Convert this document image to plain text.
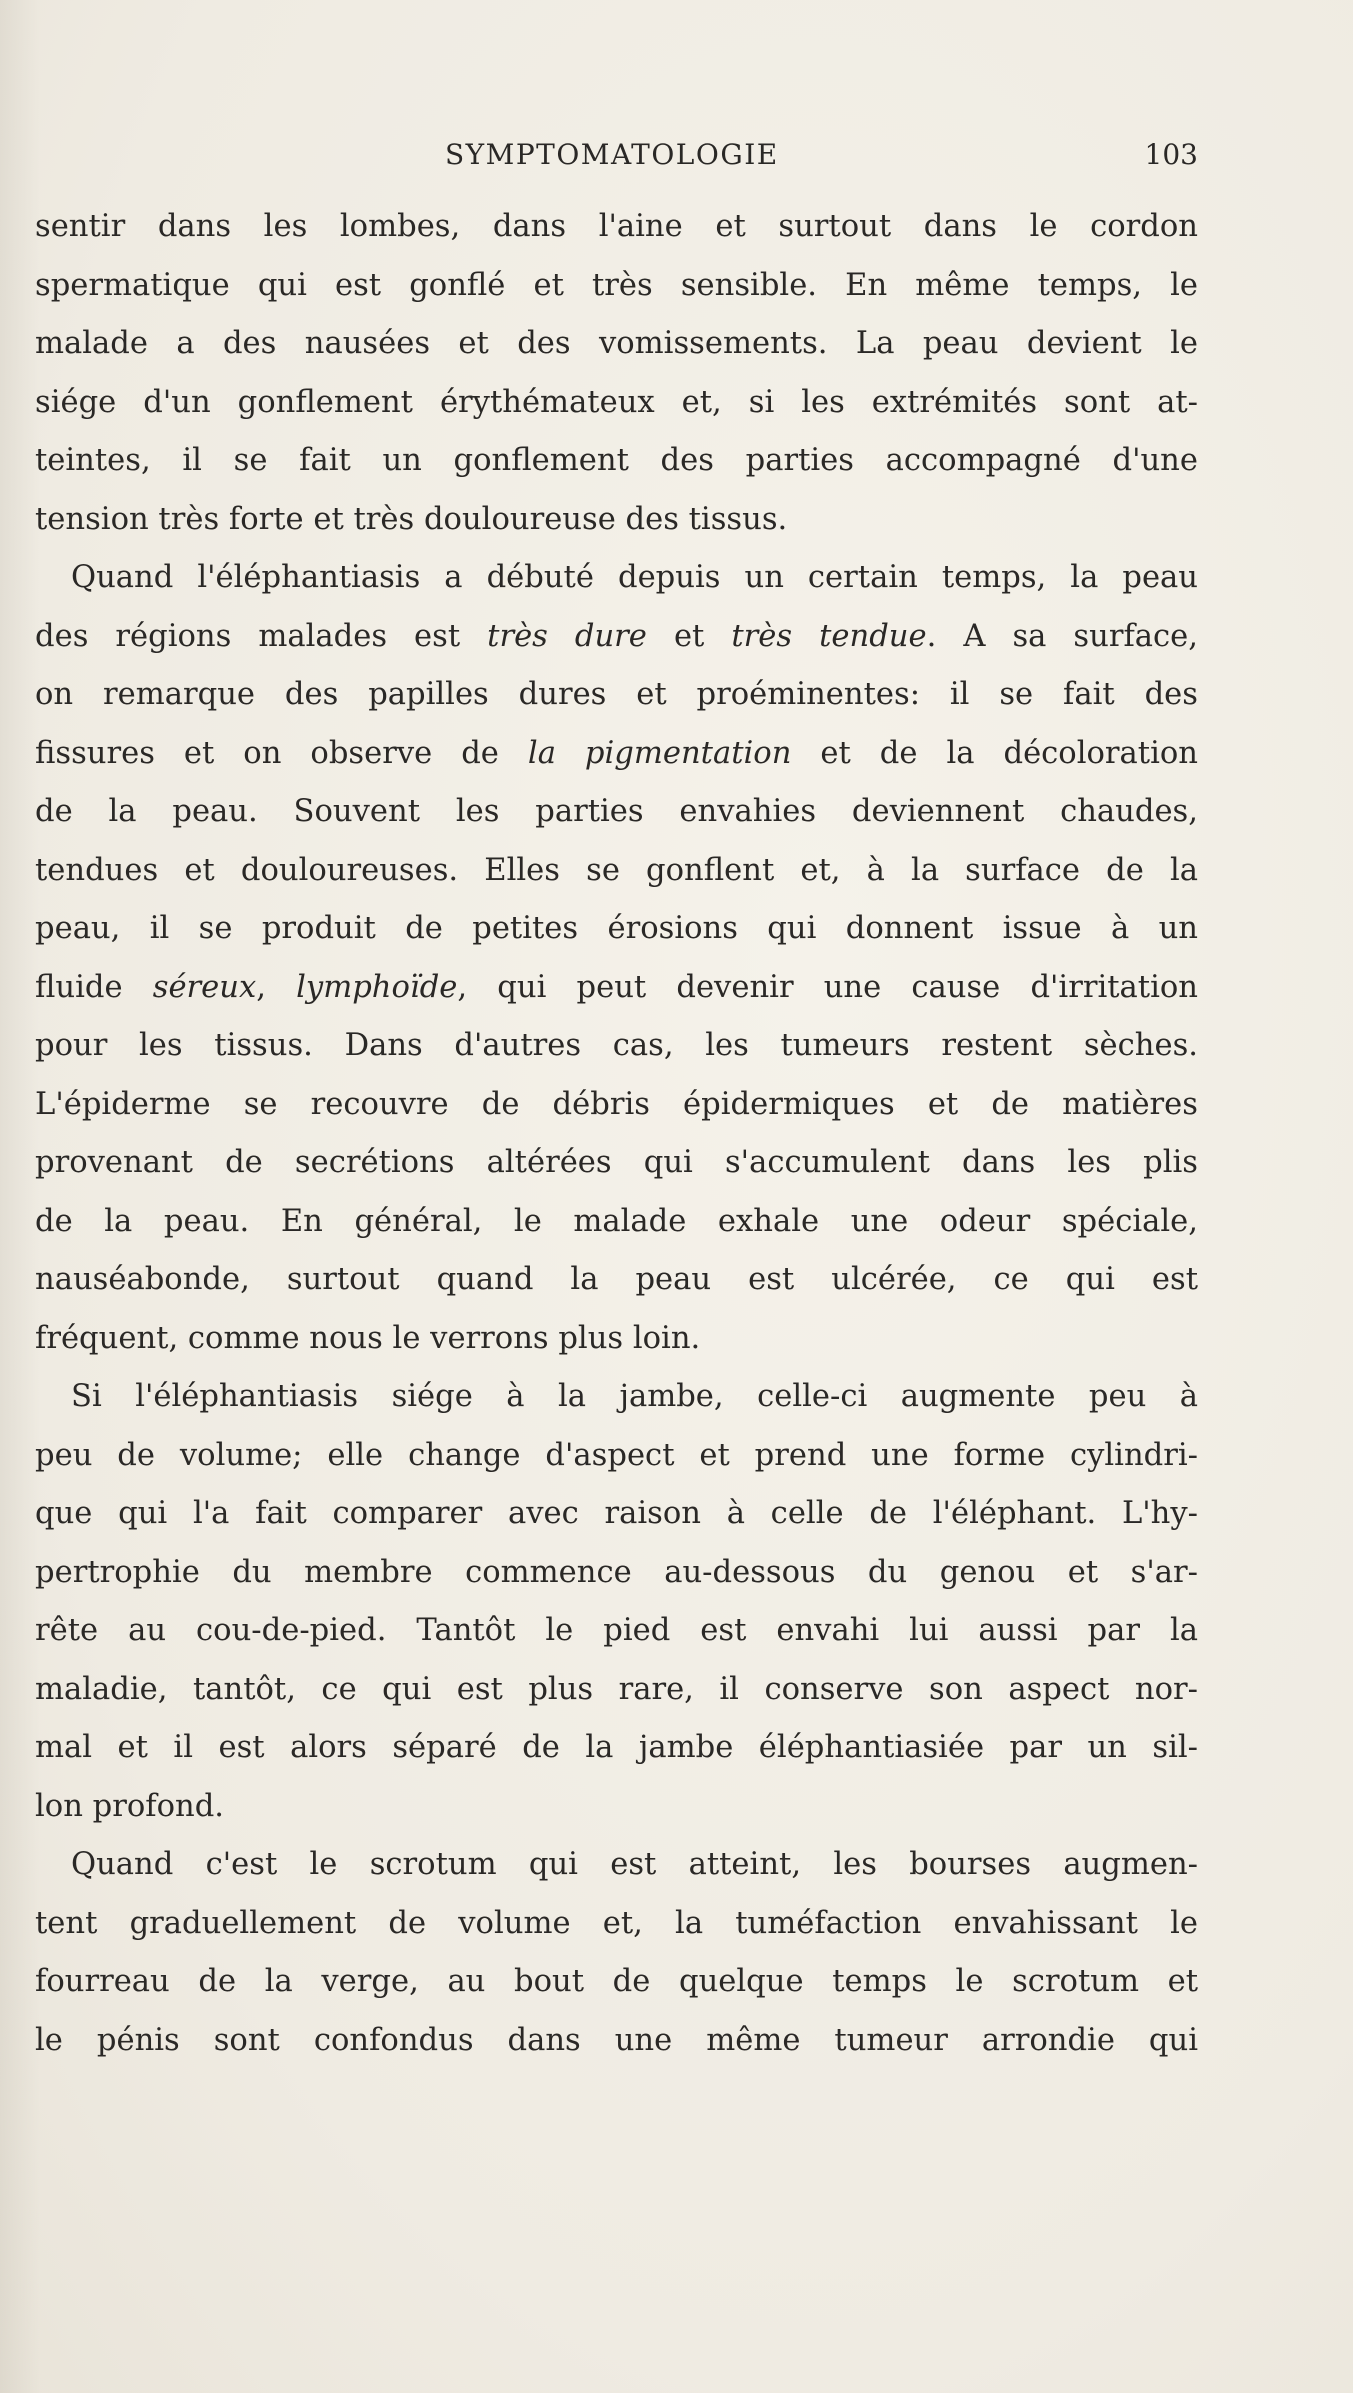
SYMPTOMATOLOGIE	103
sentir dans les lombes, dans l'aine et surtout dans le cordon
spermatique qui est gonflé et très sensible. En même temps, le
malade a des nausées et des vomissements. La peau devient le
siége d'un gonflement érythémateux et, si les extrémités sont at-
teintes, il se fait un gonflement des parties accompagné d'une
tension très forte et très douloureuse des tissus.
Quand l'éléphantiasis a débuté depuis un certain temps, la peau
des régions malades est très dure et très tendue. A sa surface,
on remarque des papilles dures et proéminentes: il se fait des
fissures et on observe de la pigmentation et de la décoloration
de la peau. Souvent les parties envahies deviennent chaudes,
tendues et douloureuses. Elles se gonflent et, à la surface de la
peau, il se produit de petites érosions qui donnent issue à un
fluide séreux, lymphoïde, qui peut devenir une cause d'irritation
pour les tissus. Dans d'autres cas, les tumeurs restent sèches.
L'épiderme se recouvre de débris épidermiques et de matières
provenant de secrétions altérées qui s'accumulent dans les plis
de la peau. En général, le malade exhale une odeur spéciale,
nauséabonde, surtout quand la peau est ulcérée, ce qui est
fréquent, comme nous le verrons plus loin.
Si l'éléphantiasis siége à la jambe, celle-ci augmente peu à
peu de volume; elle change d'aspect et prend une forme cylindri-
que qui l'a fait comparer avec raison à celle de l'éléphant. L'hy-
pertrophie du membre commence au-dessous du genou et s'ar-
rête au cou-de-pied. Tantôt le pied est envahi lui aussi par la
maladie, tantôt, ce qui est plus rare, il conserve son aspect nor-
mal et il est alors séparé de la jambe éléphantiasiée par un sil-
lon profond.
Quand c'est le scrotum qui est atteint, les bourses augmen-
tent graduellement de volume et, la tuméfaction envahissant le
fourreau de la verge, au bout de quelque temps le scrotum et
le pénis sont confondus dans une même tumeur arrondie qui
